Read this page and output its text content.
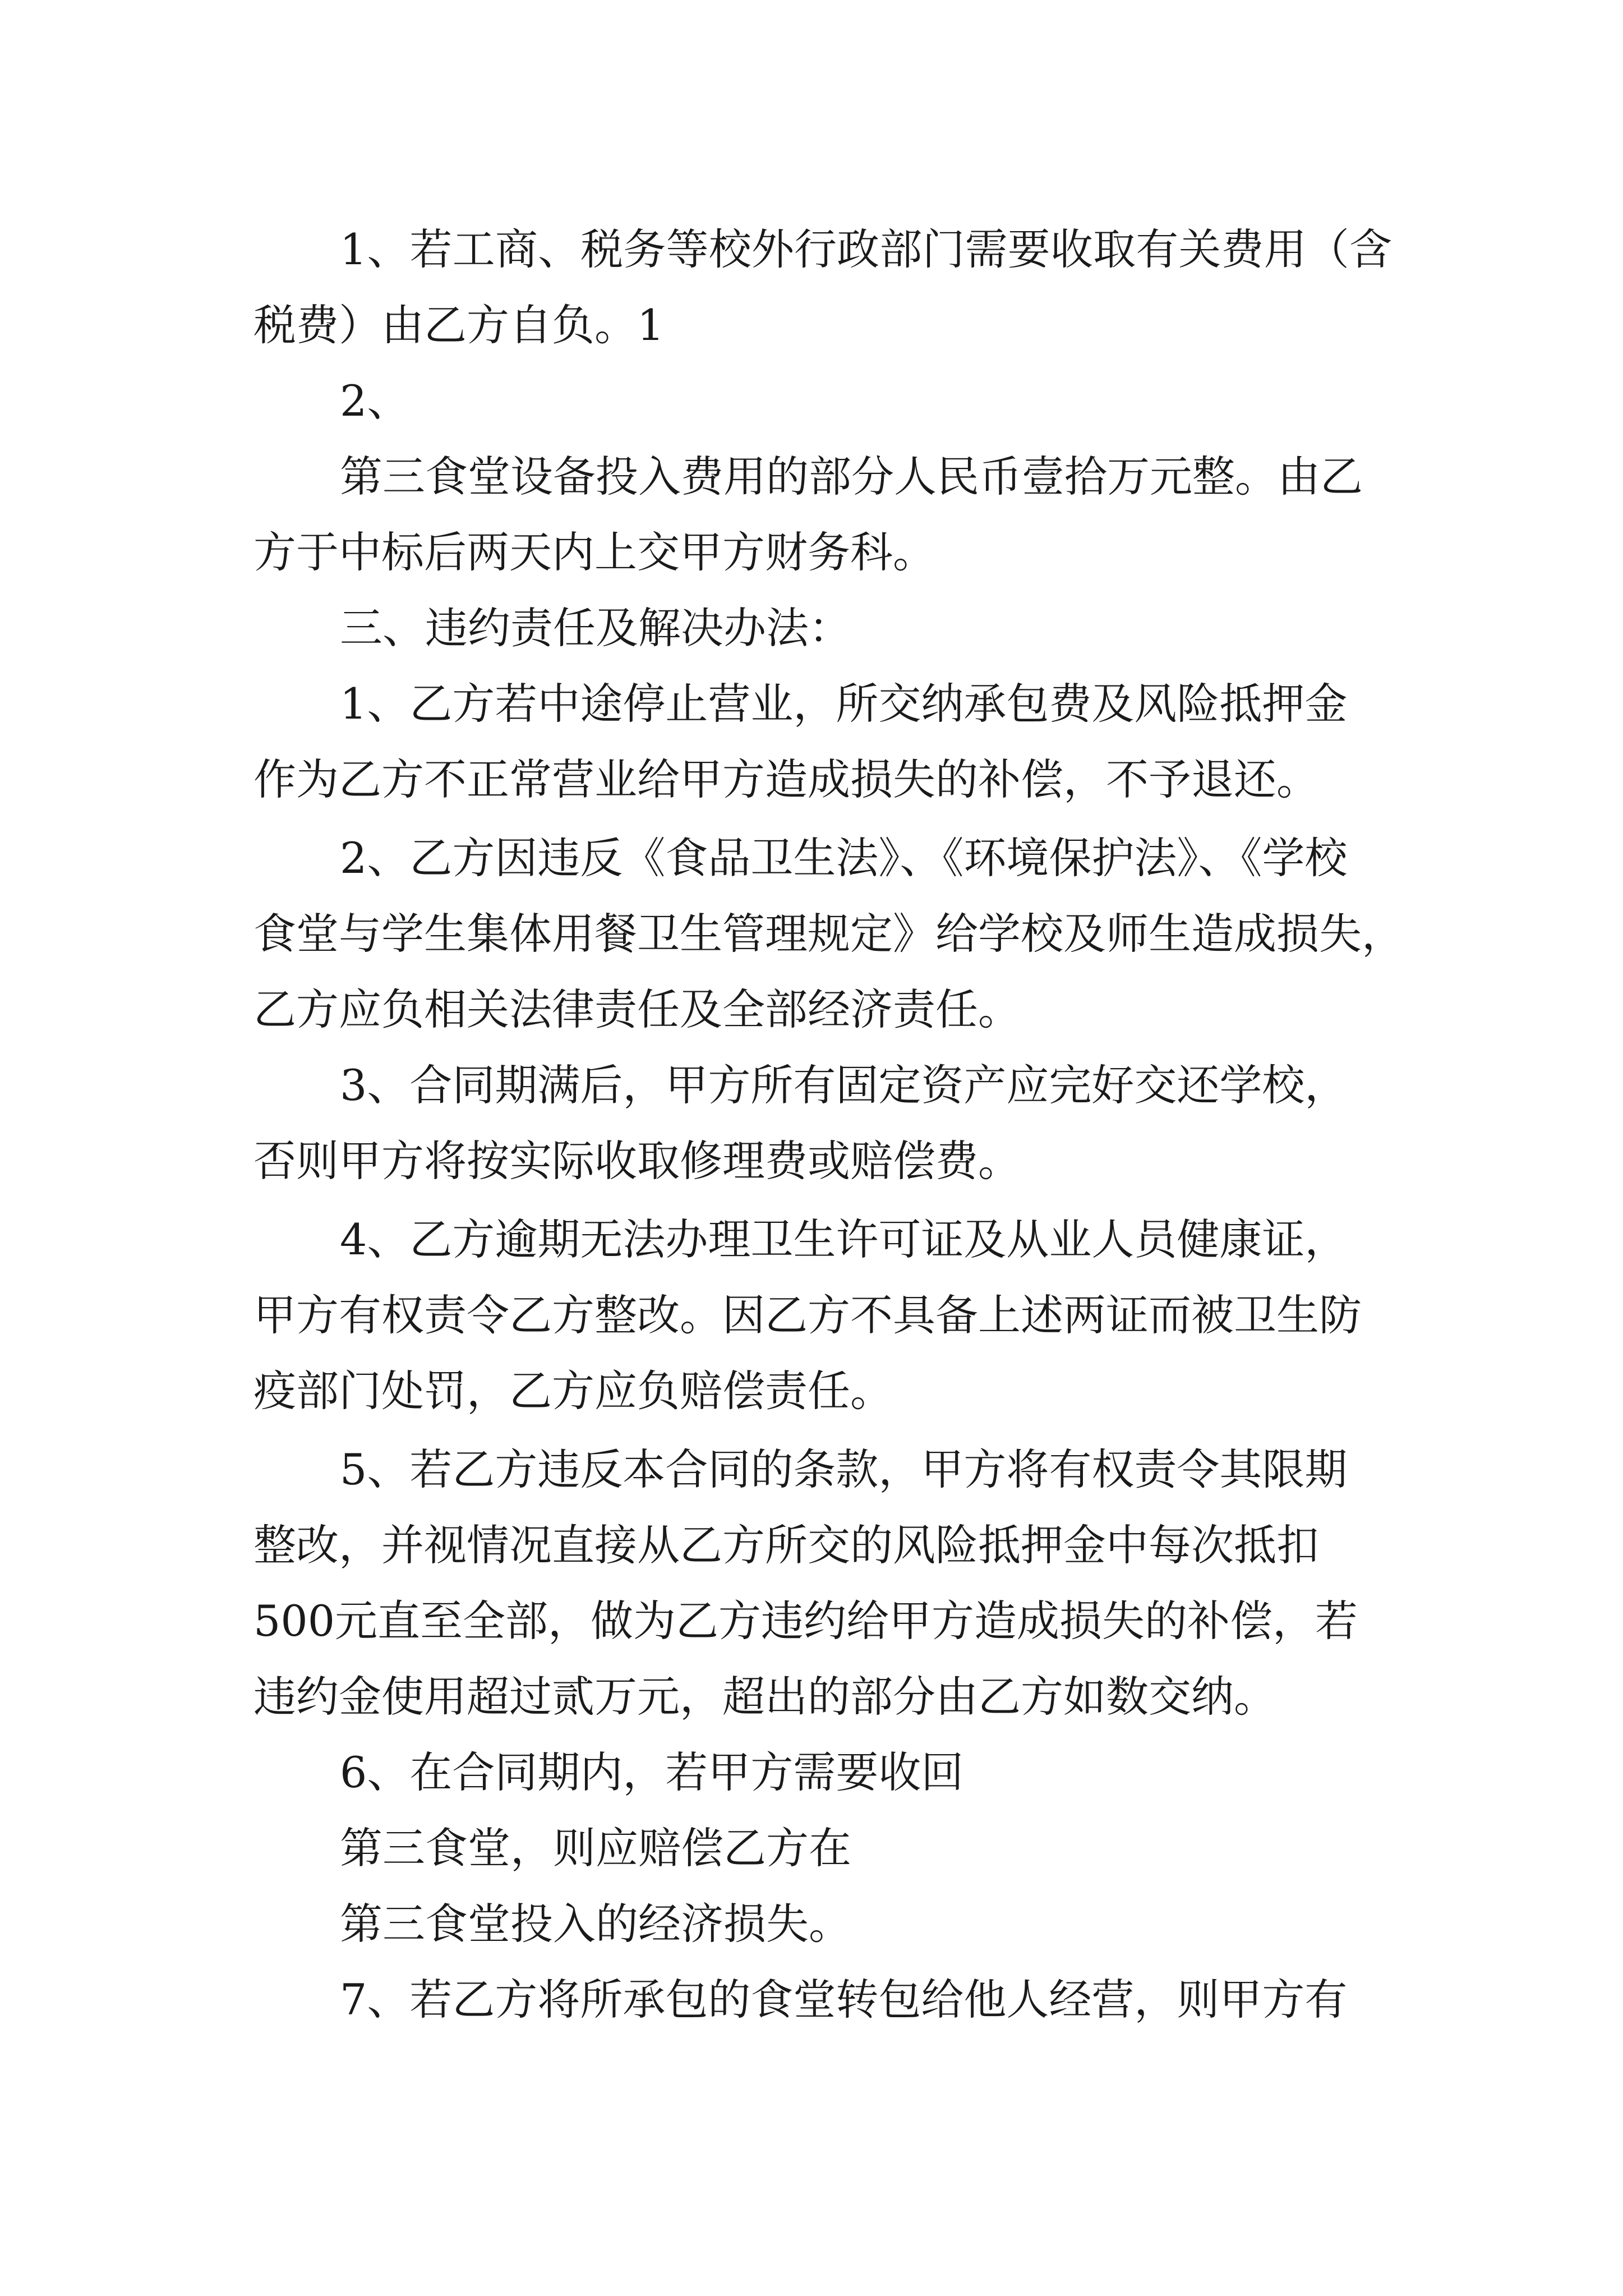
1、若工商、税务等校外行政部门需要收取有关费用（含
税费）由乙方自负。1
2、
第三食堂设备投入费用的部分人民币壹拾万元整。由乙
方于中标后两天内上交甲方财务科。
三、违约责任及解决办法：
1、乙方若中途停止营业，所交纳承包费及风险抵押金
作为乙方不正常营业给甲方造成损失的补偿，不予退还。
2、乙方因违反《食品卫生法》、《环境保护法》、《学校
食堂与学生集体用餐卫生管理规定》给学校及师生造成损失，
乙方应负相关法律责任及全部经济责任。
3、合同期满后，甲方所有固定资产应完好交还学校，
否则甲方将按实际收取修理费或赔偿费。
4、乙方逾期无法办理卫生许可证及从业人员健康证，
甲方有权责令乙方整改。因乙方不具备上述两证而被卫生防
疫部门处罚，乙方应负赔偿责任。
5、若乙方违反本合同的条款，甲方将有权责令其限期
整改，并视情况直接从乙方所交的风险抵押金中每次抵扣
500元直至全部，做为乙方违约给甲方造成损失的补偿，若
违约金使用超过贰万元，超出的部分由乙方如数交纳。
6、在合同期内，若甲方需要收回
第三食堂，则应赔偿乙方在
第三食堂投入的经济损失。
7、若乙方将所承包的食堂转包给他人经营，则甲方有
